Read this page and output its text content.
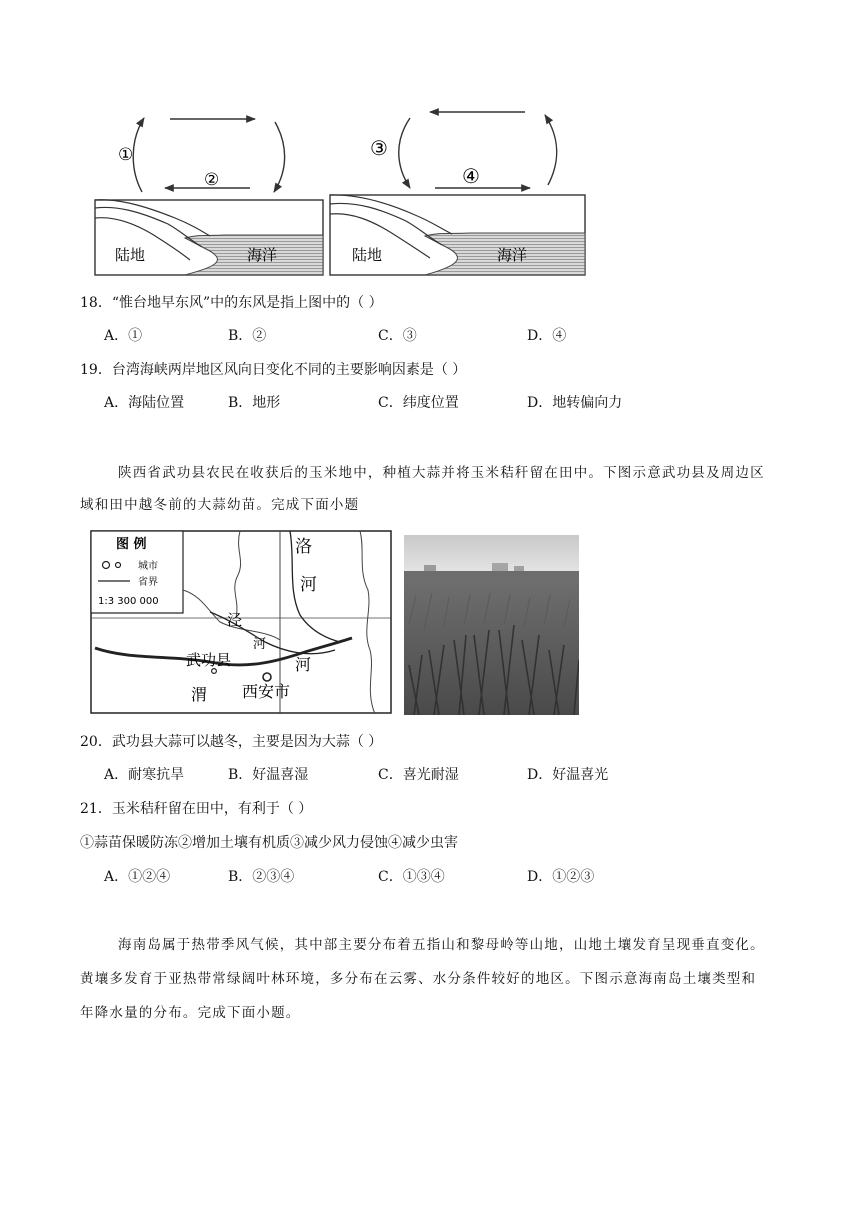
①
②
陆地	海洋
③
④
陆地	海洋
18．“惟台地早东风”中的东风是指上图中的（ ）
A．①	B．②	C．③	D．④
19．台湾海峡两岸地区风向日变化不同的主要影响因素是（ ）
A．海陆位置	B．地形	C．纬度位置	D．地转偏向力
陕西省武功县农民在收获后的玉米地中，种植大蒜并将玉米秸秆留在田中。下图示意武功县及周边区
域和田中越冬前的大蒜幼苗。完成下面小题
图 例
城市
省界
1:3 300 000
洛
河
泾
河
武功县
渭 西安市
河
20．武功县大蒜可以越冬，主要是因为大蒜（ ）
A．耐寒抗旱	B．好温喜湿	C．喜光耐湿	D．好温喜光
21．玉米秸秆留在田中，有利于（ ）
①蒜苗保暖防冻②增加土壤有机质③减少风力侵蚀④减少虫害
A．①②④	B．②③④	C．①③④	D．①②③
海南岛属于热带季风气候，其中部主要分布着五指山和黎母岭等山地，山地土壤发育呈现垂直变化。
黄壤多发育于亚热带常绿阔叶林环境，多分布在云雾、水分条件较好的地区。下图示意海南岛土壤类型和
年降水量的分布。完成下面小题。
